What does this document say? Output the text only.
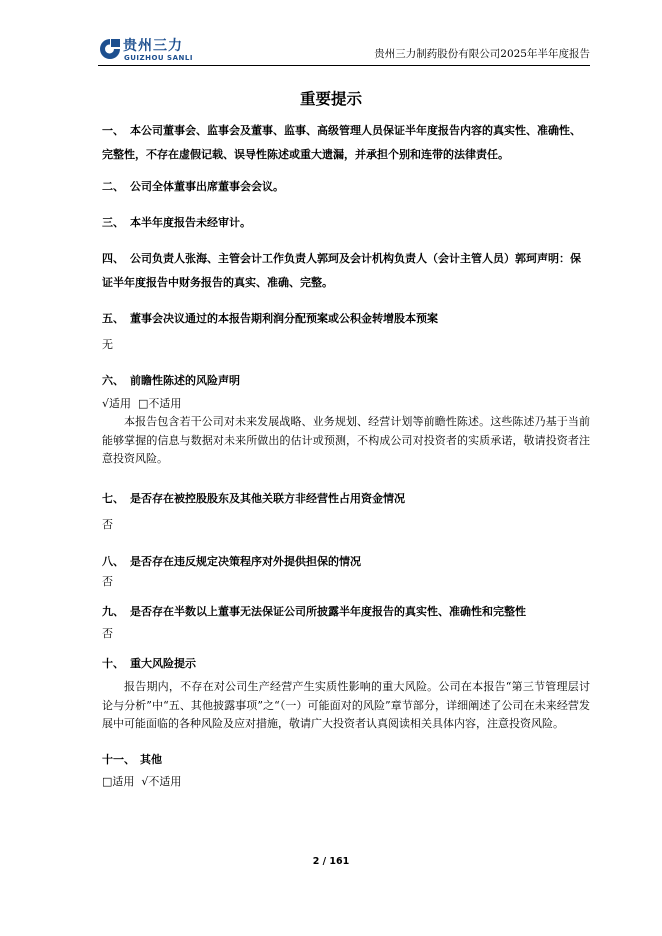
贵州三力
GUIZHOU SANLI	贵州三力制药股份有限公司2025年半年度报告
重要提示
一、 本公司董事会、监事会及董事、监事、高级管理人员保证半年度报告内容的真实性、准确性、完整性，不存在虚假记载、误导性陈述或重大遗漏，并承担个别和连带的法律责任。
二、 公司全体董事出席董事会会议。
三、 本半年度报告未经审计。
四、 公司负责人张海、主管会计工作负责人郭珂及会计机构负责人（会计主管人员）郭珂声明：保证半年度报告中财务报告的真实、准确、完整。
五、 董事会决议通过的本报告期利润分配预案或公积金转增股本预案
无
六、 前瞻性陈述的风险声明
√适用  □不适用
本报告包含若干公司对未来发展战略、业务规划、经营计划等前瞻性陈述。这些陈述乃基于当前能够掌握的信息与数据对未来所做出的估计或预测，不构成公司对投资者的实质承诺，敬请投资者注意投资风险。
七、 是否存在被控股股东及其他关联方非经营性占用资金情况
否
八、 是否存在违反规定决策程序对外提供担保的情况
否
九、 是否存在半数以上董事无法保证公司所披露半年度报告的真实性、准确性和完整性
否
十、 重大风险提示
报告期内，不存在对公司生产经营产生实质性影响的重大风险。公司在本报告“第三节管理层讨论与分析”中“五、其他披露事项”之“（一）可能面对的风险”章节部分，详细阐述了公司在未来经营发展中可能面临的各种风险及应对措施，敬请广大投资者认真阅读相关具体内容，注意投资风险。
十一、 其他
□适用  √不适用
2 / 161
